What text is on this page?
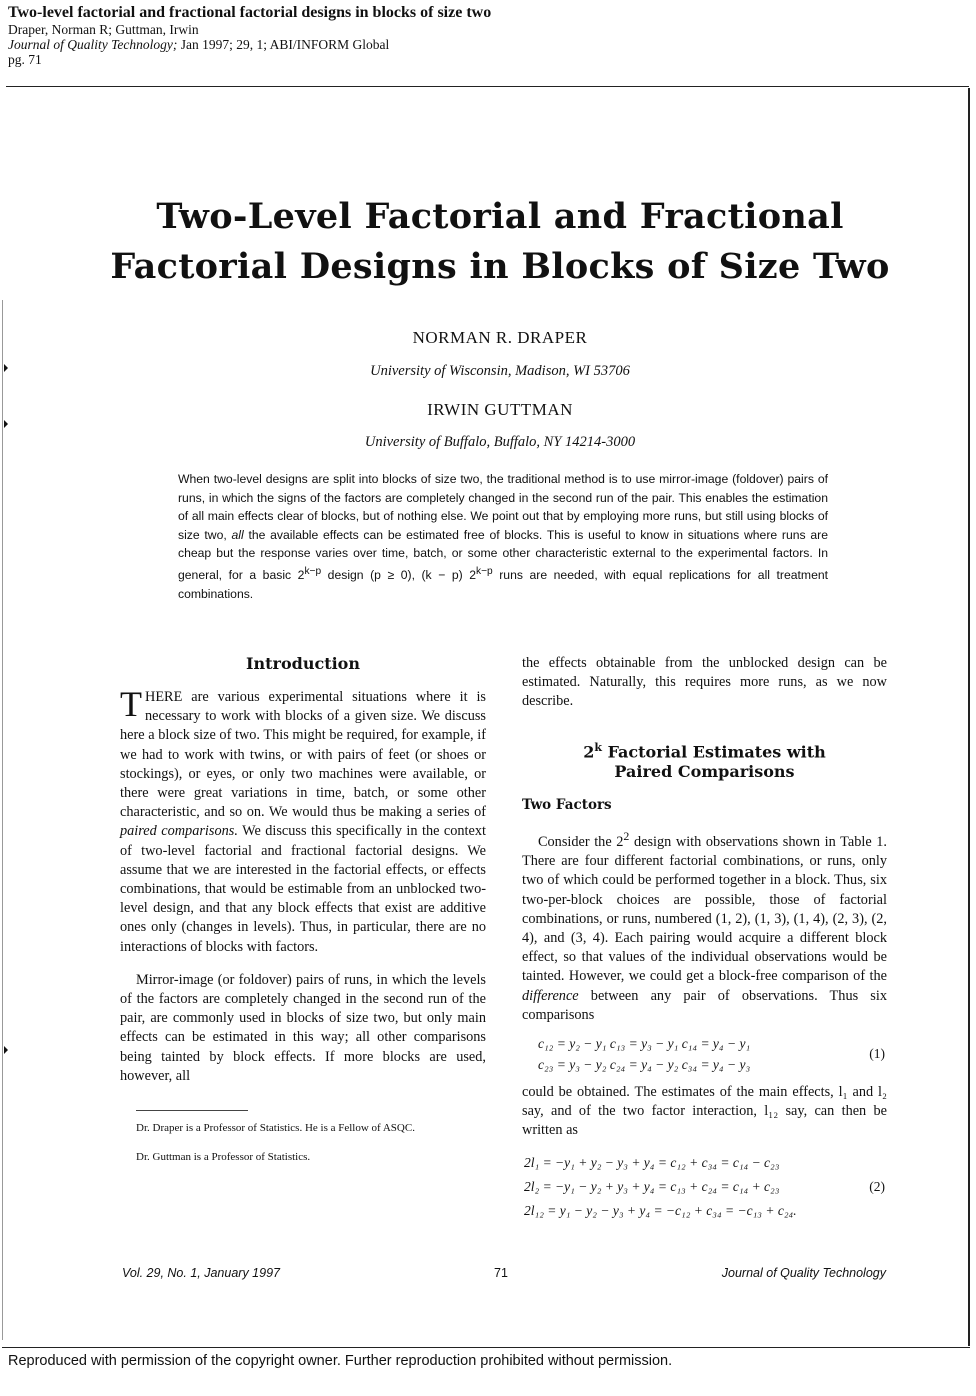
Two-level factorial and fractional factorial designs in blocks of size two
Draper, Norman R; Guttman, Irwin
Journal of Quality Technology; Jan 1997; 29, 1; ABI/INFORM Global
pg. 71
Two-Level Factorial and Fractional
Factorial Designs in Blocks of Size Two
NORMAN R. DRAPER
University of Wisconsin, Madison, WI 53706
IRWIN GUTTMAN
University of Buffalo, Buffalo, NY 14214-3000
When two-level designs are split into blocks of size two, the traditional method is to use mirror-image (foldover) pairs of runs, in which the signs of the factors are completely changed in the second run of the pair. This enables the estimation of all main effects clear of blocks, but of nothing else. We point out that by employing more runs, but still using blocks of size two, all the available effects can be estimated free of blocks. This is useful to know in situations where runs are cheap but the response varies over time, batch, or some other characteristic external to the experimental factors. In general, for a basic $2^{k-p}$ design (p ≥ 0), (k − p) $2^{k-p}$ runs are needed, with equal replications for all treatment combinations.
Introduction

THERE are various experimental situations where it is necessary to work with blocks of a given size. We discuss here a block size of two. This might be required, for example, if we had to work with twins, or with pairs of feet (or shoes or stockings), or eyes, or only two machines were available, or there were great variations in time, batch, or some other characteristic, and so on. We would thus be making a series of paired comparisons. We discuss this specifically in the context of two-level factorial and fractional factorial designs. We assume that we are interested in the factorial effects, or effects combinations, that would be estimable from an unblocked two-level design, and that any block effects that exist are additive ones only (changes in levels). Thus, in particular, there are no interactions of blocks with factors.

Mirror-image (or foldover) pairs of runs, in which the levels of the factors are completely changed in the second run of the pair, are commonly used in blocks of size two, but only main effects can be estimated in this way; all other comparisons being tainted by block effects. If more blocks are used, however, all

Dr. Draper is a Professor of Statistics. He is a Fellow of ASQC.

Dr. Guttman is a Professor of Statistics.

the effects obtainable from the unblocked design can be estimated. Naturally, this requires more runs, as we now describe.

2$^k$ Factorial Estimates with
Paired Comparisons
Two Factors

Consider the $2^2$ design with observations shown in Table 1. There are four different factorial combinations, or runs, only two of which could be performed together in a block. Thus, six two-per-block choices are possible, those of factorial combinations, or runs, numbered (1, 2), (1, 3), (1, 4), (2, 3), (2, 4), and (3, 4). Each pairing would acquire a different block effect, so that values of the individual observations would be tainted. However, we could get a block-free comparison of the difference between any pair of observations. Thus six comparisons

(1)
c₁₂ = y₂ − y₁ c₁₃ = y₃ − y₁ c₁₄ = y₄ − y₁
c₂₃ = y₃ − y₂ c₂₄ = y₄ − y₂ c₃₄ = y₄ − y₃

could be obtained. The estimates of the main effects, l₁ and l₂ say, and of the two factor interaction, l₁₂ say, can then be written as

(2)
2l₁ = −y₁ + y₂ − y₃ + y₄ = c₁₂ + c₃₄ = c₁₄ − c₂₃
2l₂ = −y₁ − y₂ + y₃ + y₄ = c₁₃ + c₂₄ = c₁₄ + c₂₃
2l₁₂ = y₁ − y₂ − y₃ + y₄ = −c₁₂ + c₃₄ = −c₁₃ + c₂₄.
Vol. 29, No. 1, January 1997	71	Journal of Quality Technology
Reproduced with permission of the copyright owner. Further reproduction prohibited without permission.
